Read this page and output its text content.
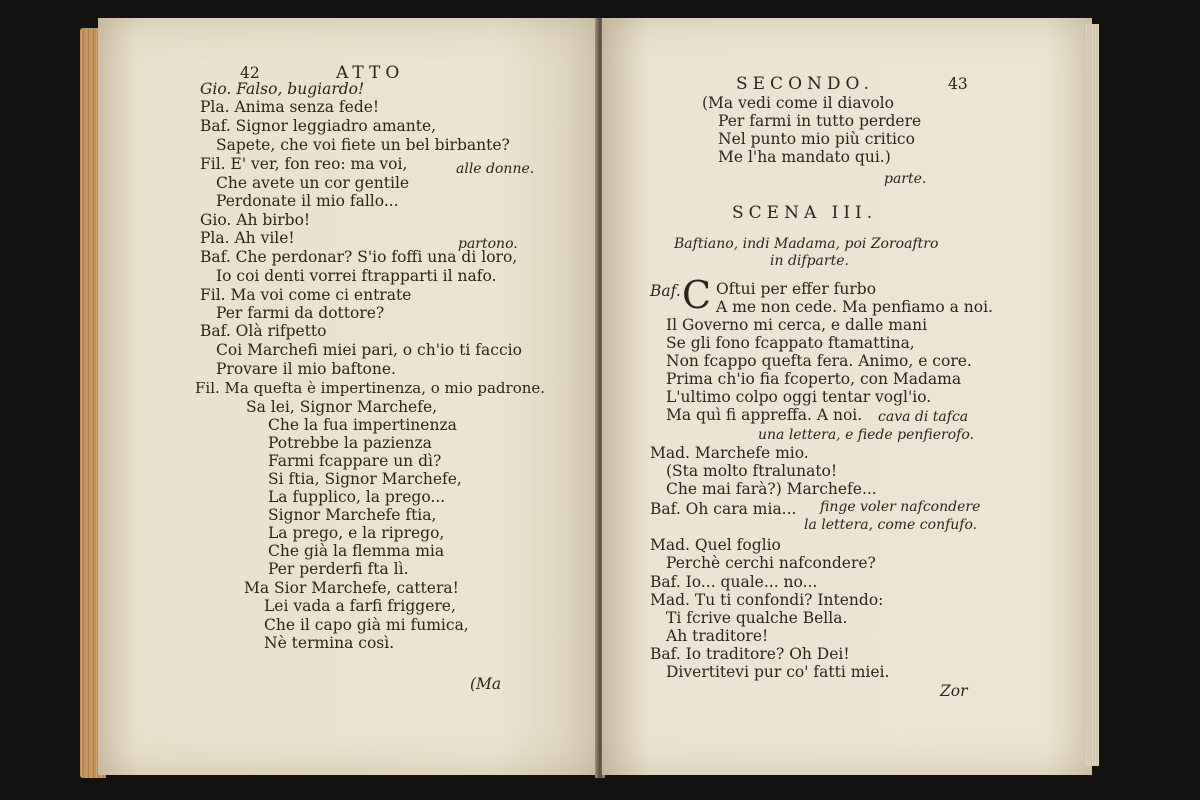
42	ATTO
Gio. Falso, bugiardo!
Pla. Anima senza fede!
Baf. Signor leggiadro amante,
Sapete, che voi fiete un bel birbante?
Fil. E' ver, fon reo: ma voi,	alle donne.
Che avete un cor gentile
Perdonate il mio fallo...
Gio. Ah birbo!
Pla. Ah vile!	partono.
Baf. Che perdonar? S'io foffi una di loro,
Io coi denti vorrei ftrapparti il nafo.
Fil. Ma voi come ci entrate
Per farmi da dottore?
Baf. Olà rifpetto
Coi Marchefi miei pari, o ch'io ti faccio
Provare il mio baftone.
Fil. Ma quefta è impertinenza, o mio padrone.
Sa lei, Signor Marchefe,
Che la fua impertinenza
Potrebbe la pazienza
Farmi fcappare un dì?
Si ftia, Signor Marchefe,
La fupplico, la prego...
Signor Marchefe ftia,
La prego, e la riprego,
Che già la flemma mia
Per perderfi fta lì.
Ma Sior Marchefe, cattera!
Lei vada a farfi friggere,
Che il capo già mi fumica,
Nè termina così.
(Ma
SECONDO.	43
(Ma vedi come il diavolo
Per farmi in tutto perdere
Nel punto mio più critico
Me l'ha mandato qui.)
parte.
SCENA III.
Baftiano, indi Madama, poi Zoroaftro
in difparte.
Baf. C Oftui per effer furbo
A me non cede. Ma penfiamo a noi.
Il Governo mi cerca, e dalle mani
Se gli fono fcappato ftamattina,
Non fcappo quefta fera. Animo, e core.
Prima ch'io fia fcoperto, con Madama
L'ultimo colpo oggi tentar vogl'io.
Ma quì fi appreffa. A noi. cava di tafca
una lettera, e fiede penfierofo.
Mad. Marchefe mio.
(Sta molto ftralunato!
Che mai farà?) Marchefe...
finge voler nafcondere
Baf. Oh cara mia...
la lettera, come confufo.
Mad. Quel foglio
Perchè cerchi nafcondere?
Baf. Io... quale... no...
Mad. Tu ti confondi? Intendo:
Ti fcrive qualche Bella.
Ah traditore!
Baf. Io traditore? Oh Dei!
Divertitevi pur co' fatti miei.
Zor
